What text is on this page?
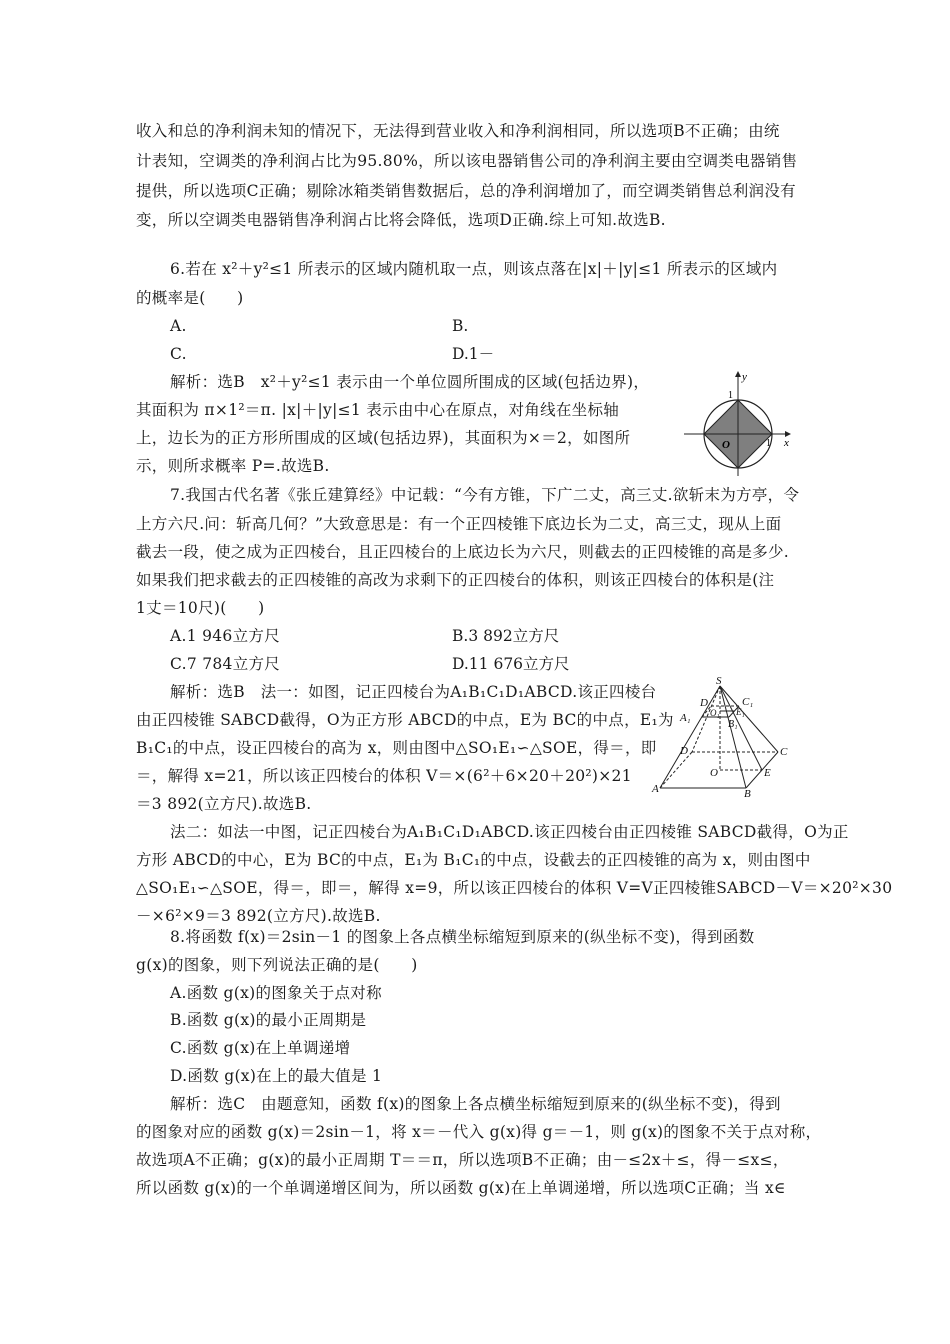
收入和总的净利润未知的情况下，无法得到营业收入和净利润相同，所以选项B不正确；由统
计表知，空调类的净利润占比为95.80%，所以该电器销售公司的净利润主要由空调类电器销售
提供，所以选项C正确；剔除冰箱类销售数据后，总的净利润增加了，而空调类销售总利润没有
变，所以空调类电器销售净利润占比将会降低，选项D正确.综上可知.故选B.
6.若在 x²＋y²≤1 所表示的区域内随机取一点，则该点落在|x|＋|y|≤1 所表示的区域内
的概率是(　　)
A.	B.
C.	D.1－
解析：选B　x²＋y²≤1 表示由一个单位圆所围成的区域(包括边界)，
其面积为 π×1²＝π. |x|＋|y|≤1 表示由中心在原点，对角线在坐标轴
上，边长为的正方形所围成的区域(包括边界)，其面积为×＝2，如图所
示，则所求概率 P=.故选B.
y
x
1
1
O
7.我国古代名著《张丘建算经》中记载：“今有方锥，下广二丈，高三丈.欲斩末为方亭，令
上方六尺.问：斩高几何？”大致意思是：有一个正四棱锥下底边长为二丈，高三丈，现从上面
截去一段，使之成为正四棱台，且正四棱台的上底边长为六尺，则截去的正四棱锥的高是多少.
如果我们把求截去的正四棱锥的高改为求剩下的正四棱台的体积，则该正四棱台的体积是(注
1丈＝10尺)(　　)
A.1 946立方尺	B.3 892立方尺
C.7 784立方尺	D.11 676立方尺
解析：选B　法一：如图，记正四棱台为A₁B₁C₁D₁ABCD.该正四棱台
由正四棱锥 SABCD截得，O为正方形 ABCD的中点，E为 BC的中点，E₁为
B₁C₁的中点，设正四棱台的高为 x，则由图中△SO₁E₁∽△SOE，得＝，即
＝，解得 x=21，所以该正四棱台的体积 V＝×(6²＋6×20＋20²)×21
＝3 892(立方尺).故选B.
法二：如法一中图，记正四棱台为A₁B₁C₁D₁ABCD.该正四棱台由正四棱锥 SABCD截得，O为正
方形 ABCD的中心，E为 BC的中点，E₁为 B₁C₁的中点，设截去的正四棱锥的高为 x，则由图中
△SO₁E₁∽△SOE，得＝，即＝，解得 x=9，所以该正四棱台的体积 V=V正四棱锥SABCD－V＝×20²×30
－×6²×9＝3 892(立方尺).故选B.
S
D	C₁
A₁ O₁ E₁
B₁
D	C
O
A
E
B
8.将函数 f(x)＝2sin－1 的图象上各点横坐标缩短到原来的(纵坐标不变)，得到函数
g(x)的图象，则下列说法正确的是(　　)
A.函数 g(x)的图象关于点对称
B.函数 g(x)的最小正周期是
C.函数 g(x)在上单调递增
D.函数 g(x)在上的最大值是 1
解析：选C　由题意知，函数 f(x)的图象上各点横坐标缩短到原来的(纵坐标不变)，得到
的图象对应的函数 g(x)＝2sin－1，将 x＝－代入 g(x)得 g＝－1，则 g(x)的图象不关于点对称，
故选项A不正确；g(x)的最小正周期 T＝＝π，所以选项B不正确；由－≤2x＋≤，得－≤x≤，
所以函数 g(x)的一个单调递增区间为，所以函数 g(x)在上单调递增，所以选项C正确；当 x∈
